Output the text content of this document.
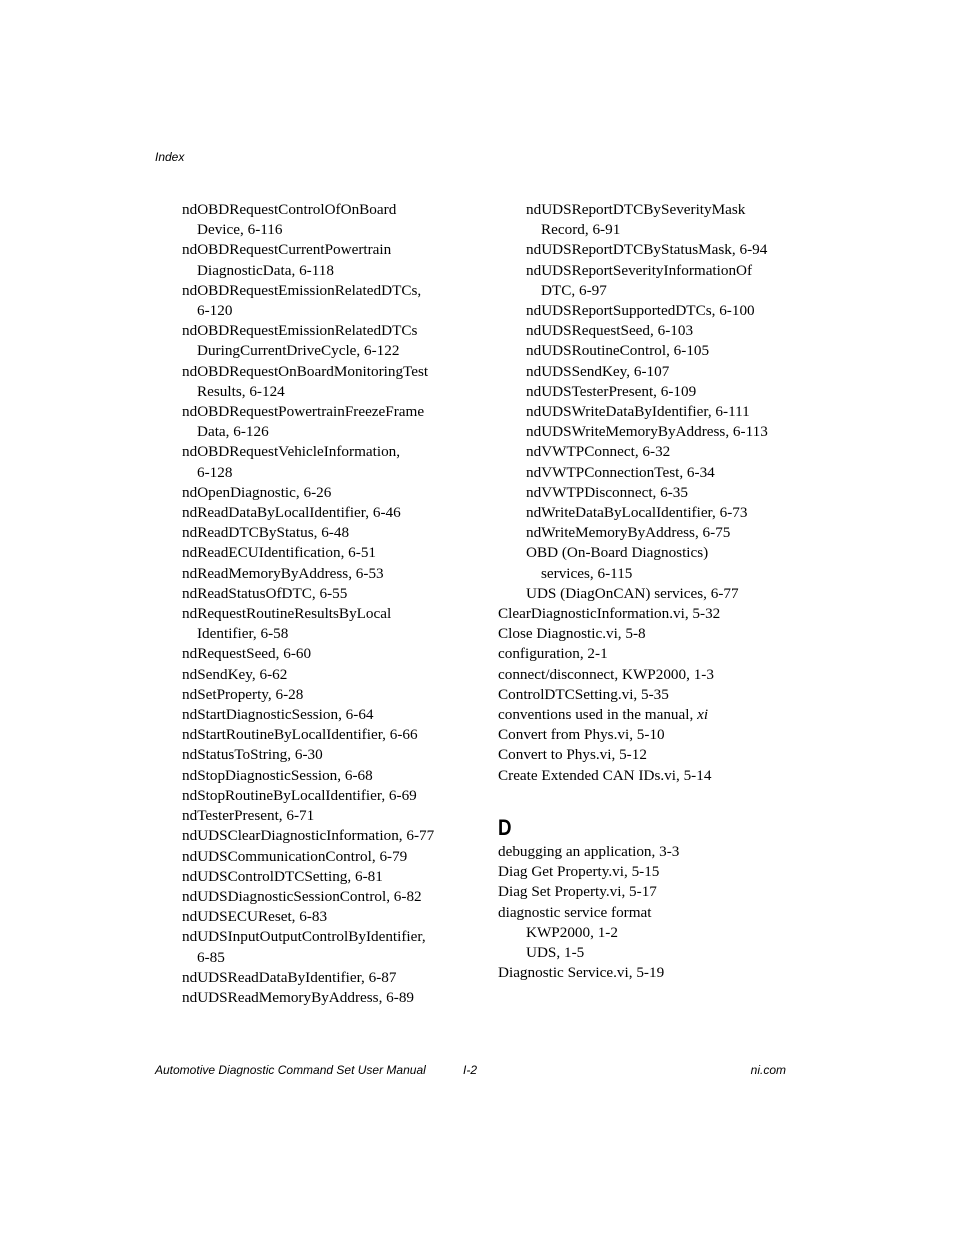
Index
ndOBDRequestControlOfOnBoard
Device, 6-116
ndOBDRequestCurrentPowertrain
DiagnosticData, 6-118
ndOBDRequestEmissionRelatedDTCs,
6-120
ndOBDRequestEmissionRelatedDTCs
DuringCurrentDriveCycle, 6-122
ndOBDRequestOnBoardMonitoringTest
Results, 6-124
ndOBDRequestPowertrainFreezeFrame
Data, 6-126
ndOBDRequestVehicleInformation,
6-128
ndOpenDiagnostic, 6-26
ndReadDataByLocalIdentifier, 6-46
ndReadDTCByStatus, 6-48
ndReadECUIdentification, 6-51
ndReadMemoryByAddress, 6-53
ndReadStatusOfDTC, 6-55
ndRequestRoutineResultsByLocal
Identifier, 6-58
ndRequestSeed, 6-60
ndSendKey, 6-62
ndSetProperty, 6-28
ndStartDiagnosticSession, 6-64
ndStartRoutineByLocalIdentifier, 6-66
ndStatusToString, 6-30
ndStopDiagnosticSession, 6-68
ndStopRoutineByLocalIdentifier, 6-69
ndTesterPresent, 6-71
ndUDSClearDiagnosticInformation, 6-77
ndUDSCommunicationControl, 6-79
ndUDSControlDTCSetting, 6-81
ndUDSDiagnosticSessionControl, 6-82
ndUDSECUReset, 6-83
ndUDSInputOutputControlByIdentifier,
6-85
ndUDSReadDataByIdentifier, 6-87
ndUDSReadMemoryByAddress, 6-89
ndUDSReportDTCBySeverityMask
Record, 6-91
ndUDSReportDTCByStatusMask, 6-94
ndUDSReportSeverityInformationOf
DTC, 6-97
ndUDSReportSupportedDTCs, 6-100
ndUDSRequestSeed, 6-103
ndUDSRoutineControl, 6-105
ndUDSSendKey, 6-107
ndUDSTesterPresent, 6-109
ndUDSWriteDataByIdentifier, 6-111
ndUDSWriteMemoryByAddress, 6-113
ndVWTPConnect, 6-32
ndVWTPConnectionTest, 6-34
ndVWTPDisconnect, 6-35
ndWriteDataByLocalIdentifier, 6-73
ndWriteMemoryByAddress, 6-75
OBD (On-Board Diagnostics)
services, 6-115
UDS (DiagOnCAN) services, 6-77
ClearDiagnosticInformation.vi, 5-32
Close Diagnostic.vi, 5-8
configuration, 2-1
connect/disconnect, KWP2000, 1-3
ControlDTCSetting.vi, 5-35
conventions used in the manual, xi
Convert from Phys.vi, 5-10
Convert to Phys.vi, 5-12
Create Extended CAN IDs.vi, 5-14
D
debugging an application, 3-3
Diag Get Property.vi, 5-15
Diag Set Property.vi, 5-17
diagnostic service format
KWP2000, 1-2
UDS, 1-5
Diagnostic Service.vi, 5-19
Automotive Diagnostic Command Set User Manual	I-2	ni.com
